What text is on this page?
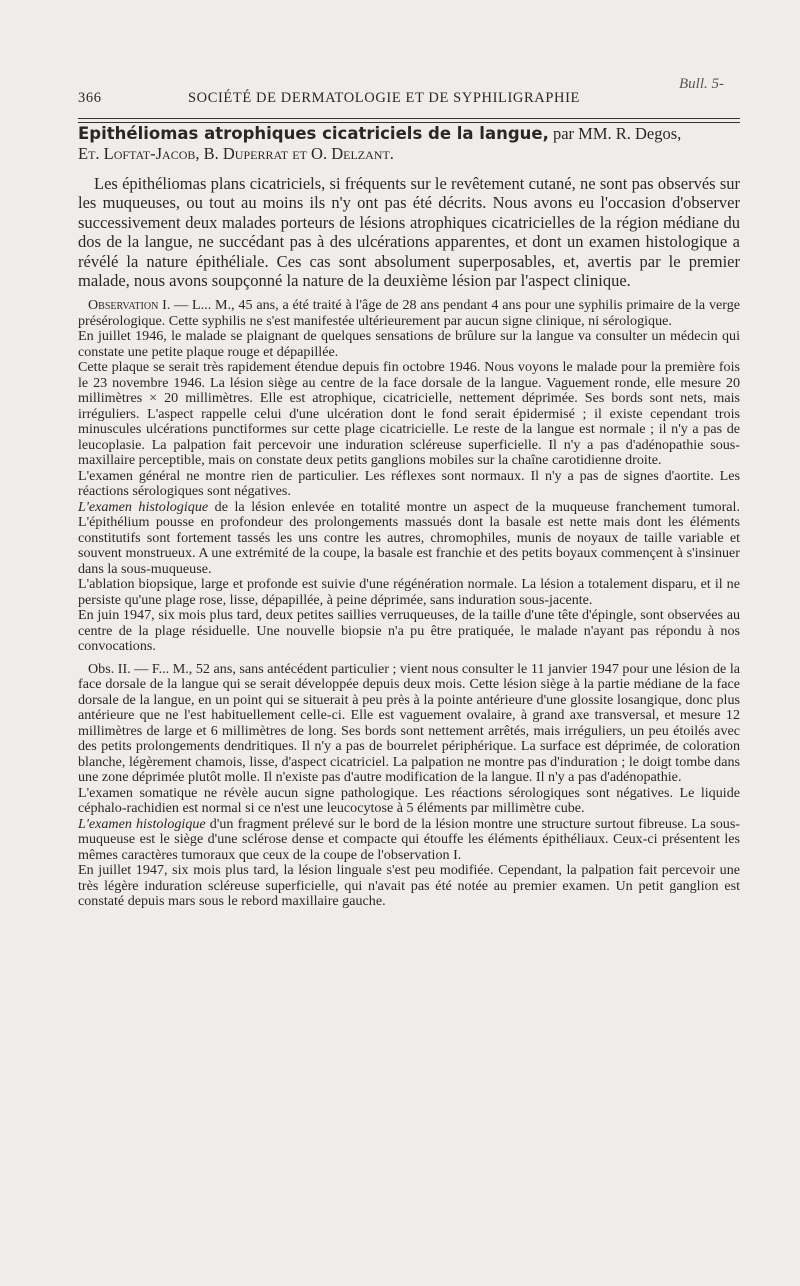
Bull. 5-
366	SOCIÉTÉ DE DERMATOLOGIE ET DE SYPHILIGRAPHIE
Epithéliomas atrophiques cicatriciels de la langue, par MM. R. Degos,
Et. Loftat-Jacob, B. Duperrat et O. Delzant.

Les épithéliomas plans cicatriciels, si fréquents sur le revêtement cutané, ne sont pas observés sur les muqueuses, ou tout au moins ils n'y ont pas été décrits. Nous avons eu l'occasion d'observer successivement deux malades porteurs de lésions atrophiques cicatricielles de la région médiane du dos de la langue, ne succédant pas à des ulcérations apparentes, et dont un examen histologique a révélé la nature épithéliale. Ces cas sont absolument superposables, et, avertis par le premier malade, nous avons soupçonné la nature de la deuxième lésion par l'aspect clinique.

Observation I. — L... M., 45 ans, a été traité à l'âge de 28 ans pendant 4 ans pour une syphilis primaire de la verge présérologique. Cette syphilis ne s'est manifestée ultérieurement par aucun signe clinique, ni sérologique.

En juillet 1946, le malade se plaignant de quelques sensations de brûlure sur la langue va consulter un médecin qui constate une petite plaque rouge et dépapillée.

Cette plaque se serait très rapidement étendue depuis fin octobre 1946. Nous voyons le malade pour la première fois le 23 novembre 1946. La lésion siège au centre de la face dorsale de la langue. Vaguement ronde, elle mesure 20 millimètres × 20 millimètres. Elle est atrophique, cicatricielle, nettement déprimée. Ses bords sont nets, mais irréguliers. L'aspect rappelle celui d'une ulcération dont le fond serait épidermisé ; il existe cependant trois minuscules ulcérations punctiformes sur cette plage cicatricielle. Le reste de la langue est normale ; il n'y a pas de leucoplasie. La palpation fait percevoir une induration scléreuse superficielle. Il n'y a pas d'adénopathie sous-maxillaire perceptible, mais on constate deux petits ganglions mobiles sur la chaîne carotidienne droite.

L'examen général ne montre rien de particulier. Les réflexes sont normaux. Il n'y a pas de signes d'aortite. Les réactions sérologiques sont négatives.

L'examen histologique de la lésion enlevée en totalité montre un aspect de la muqueuse franchement tumoral. L'épithélium pousse en profondeur des prolongements massués dont la basale est nette mais dont les éléments constitutifs sont fortement tassés les uns contre les autres, chromophiles, munis de noyaux de taille variable et souvent monstrueux. A une extrémité de la coupe, la basale est franchie et des petits boyaux commençent à s'insinuer dans la sous-muqueuse.

L'ablation biopsique, large et profonde est suivie d'une régénération normale. La lésion a totalement disparu, et il ne persiste qu'une plage rose, lisse, dépapillée, à peine déprimée, sans induration sous-jacente.

En juin 1947, six mois plus tard, deux petites saillies verruqueuses, de la taille d'une tête d'épingle, sont observées au centre de la plage résiduelle. Une nouvelle biopsie n'a pu être pratiquée, le malade n'ayant pas répondu à nos convocations.

Obs. II. — F... M., 52 ans, sans antécédent particulier ; vient nous consulter le 11 janvier 1947 pour une lésion de la face dorsale de la langue qui se serait développée depuis deux mois. Cette lésion siège à la partie médiane de la face dorsale de la langue, en un point qui se situerait à peu près à la pointe antérieure d'une glossite losangique, donc plus antérieure que ne l'est habituellement celle-ci. Elle est vaguement ovalaire, à grand axe transversal, et mesure 12 millimètres de large et 6 millimètres de long. Ses bords sont nettement arrêtés, mais irréguliers, un peu étoilés avec des petits prolongements dendritiques. Il n'y a pas de bourrelet périphérique. La surface est déprimée, de coloration blanche, légèrement chamois, lisse, d'aspect cicatriciel. La palpation ne montre pas d'induration ; le doigt tombe dans une zone déprimée plutôt molle. Il n'existe pas d'autre modification de la langue. Il n'y a pas d'adénopathie.

L'examen somatique ne révèle aucun signe pathologique. Les réactions sérologiques sont négatives. Le liquide céphalo-rachidien est normal si ce n'est une leucocytose à 5 éléments par millimètre cube.

L'examen histologique d'un fragment prélevé sur le bord de la lésion montre une structure surtout fibreuse. La sous-muqueuse est le siège d'une sclérose dense et compacte qui étouffe les éléments épithéliaux. Ceux-ci présentent les mêmes caractères tumoraux que ceux de la coupe de l'observation I.

En juillet 1947, six mois plus tard, la lésion linguale s'est peu modifiée. Cependant, la palpation fait percevoir une très légère induration scléreuse superficielle, qui n'avait pas été notée au premier examen. Un petit ganglion est constaté depuis mars sous le rebord maxillaire gauche.
